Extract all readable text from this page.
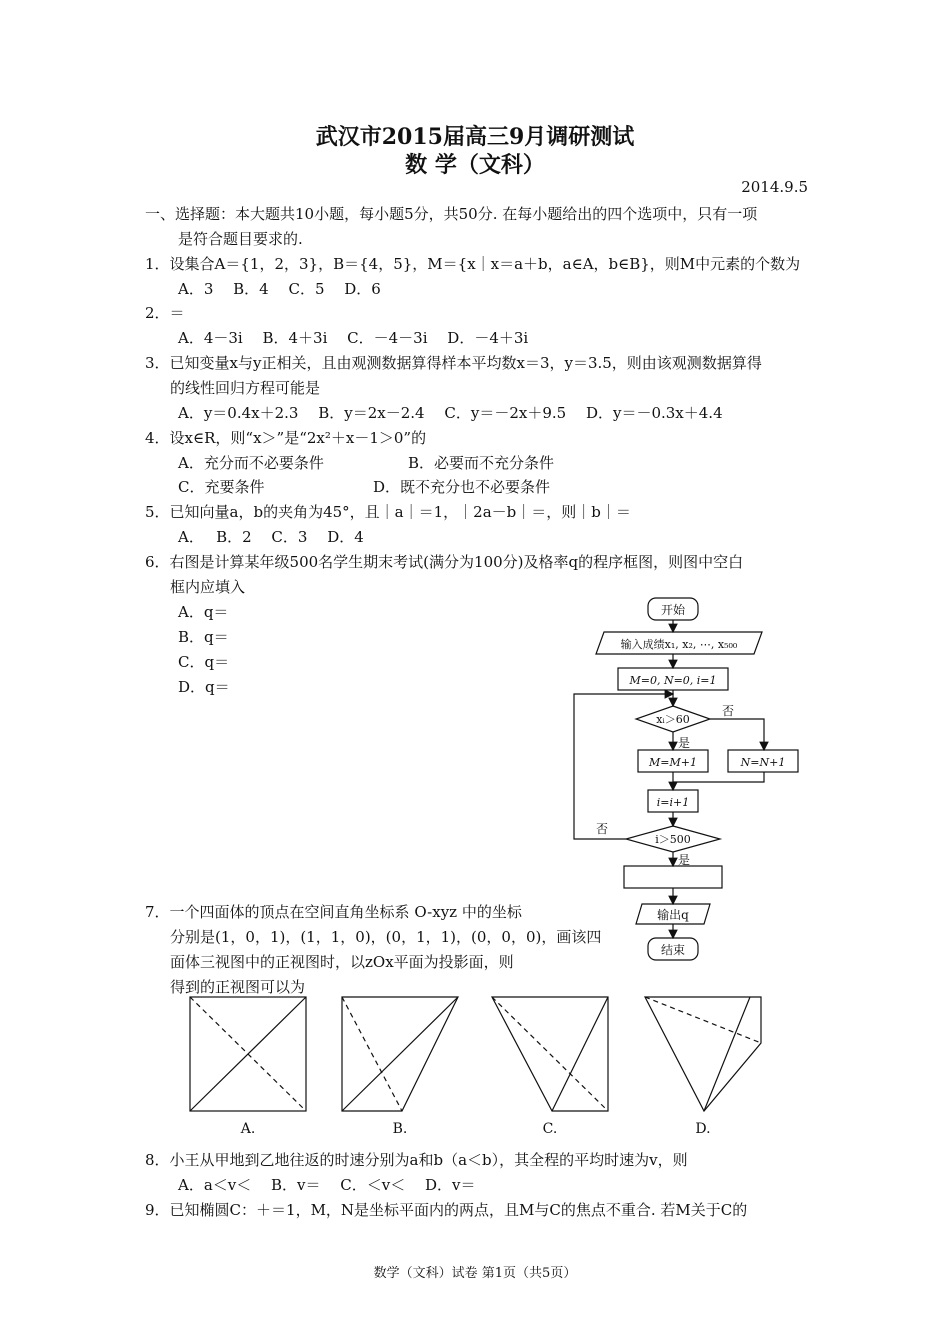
武汉市2015届高三9月调研测试
数 学（文科）
2014.9.5
一、选择题：本大题共10小题，每小题5分，共50分. 在每小题给出的四个选项中，只有一项
是符合题目要求的.
1．设集合A＝{1，2，3}，B＝{4，5}，M＝{x｜x＝a＋b，a∈A，b∈B}，则M中元素的个数为
A．3　 B．4　 C．5　 D．6
2．＝
A．4－3i　 B．4＋3i　 C．－4－3i　 D．－4＋3i
3．已知变量x与y正相关，且由观测数据算得样本平均数x＝3，y＝3.5，则由该观测数据算得
的线性回归方程可能是
A．y＝0.4x＋2.3　 B．y＝2x－2.4　 C．y＝－2x＋9.5　 D．y＝－0.3x＋4.4
4．设x∈R，则“x＞”是“2x²＋x－1＞0”的
A．充分而不必要条件	B．必要而不充分条件
C．充要条件	D．既不充分也不必要条件
5．已知向量a，b的夹角为45°，且｜a｜＝1，｜2a－b｜＝，则｜b｜＝
A．　 B．2　 C．3　 D．4
6．右图是计算某年级500名学生期末考试(满分为100分)及格率q的程序框图，则图中空白
框内应填入
A．q＝
B．q＝
C．q＝
D．q＝
开始
输入成绩x₁, x₂, ⋯, x₅₀₀
M=0, N=0, i=1
xᵢ＞60
否
是
M=M+1	N=N+1
i=i+1
i＞500
否
是
输出q
结束
7．一个四面体的顶点在空间直角坐标系 O-xyz 中的坐标
分别是(1，0，1)，(1，1，0)，(0，1，1)，(0，0，0)，画该四
面体三视图中的正视图时，以zOx平面为投影面，则
得到的正视图可以为
A.	B.	C.	D.
8．小王从甲地到乙地往返的时速分别为a和b（a＜b），其全程的平均时速为v，则
A．a＜v＜　 B．v＝　 C．＜v＜　 D．v＝
9．已知椭圆C：＋＝1，M，N是坐标平面内的两点，且M与C的焦点不重合. 若M关于C的
数学（文科）试卷 第1页（共5页）
